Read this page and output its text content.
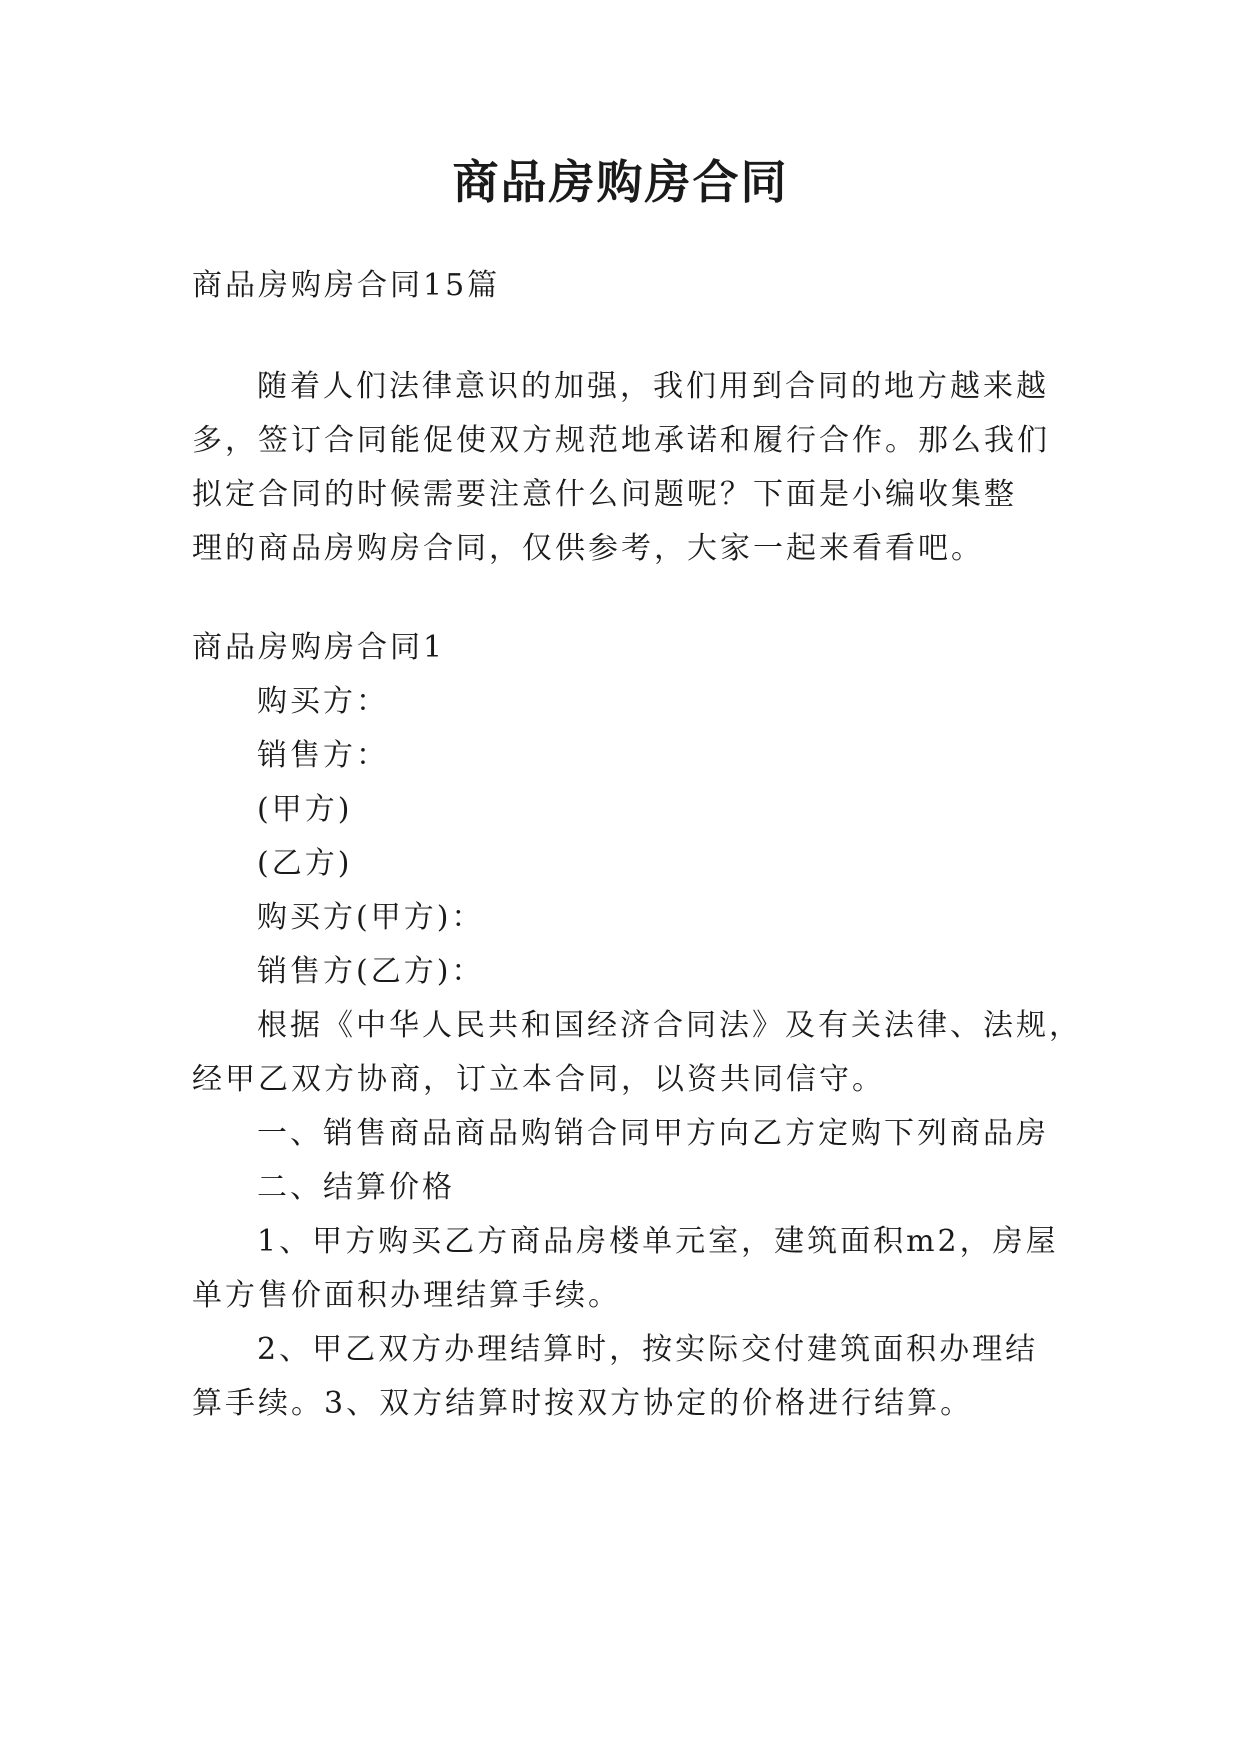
商品房购房合同
商品房购房合同15篇
随着人们法律意识的加强，我们用到合同的地方越来越
多，签订合同能促使双方规范地承诺和履行合作。那么我们
拟定合同的时候需要注意什么问题呢？下面是小编收集整
理的商品房购房合同，仅供参考，大家一起来看看吧。
商品房购房合同1
购买方：
销售方：
(甲方)
(乙方)
购买方(甲方)：
销售方(乙方)：
根据《中华人民共和国经济合同法》及有关法律、法规，
经甲乙双方协商，订立本合同，以资共同信守。
一、销售商品商品购销合同甲方向乙方定购下列商品房
二、结算价格
1、甲方购买乙方商品房楼单元室，建筑面积m2，房屋
单方售价面积办理结算手续。
2、甲乙双方办理结算时，按实际交付建筑面积办理结
算手续。3、双方结算时按双方协定的价格进行结算。
